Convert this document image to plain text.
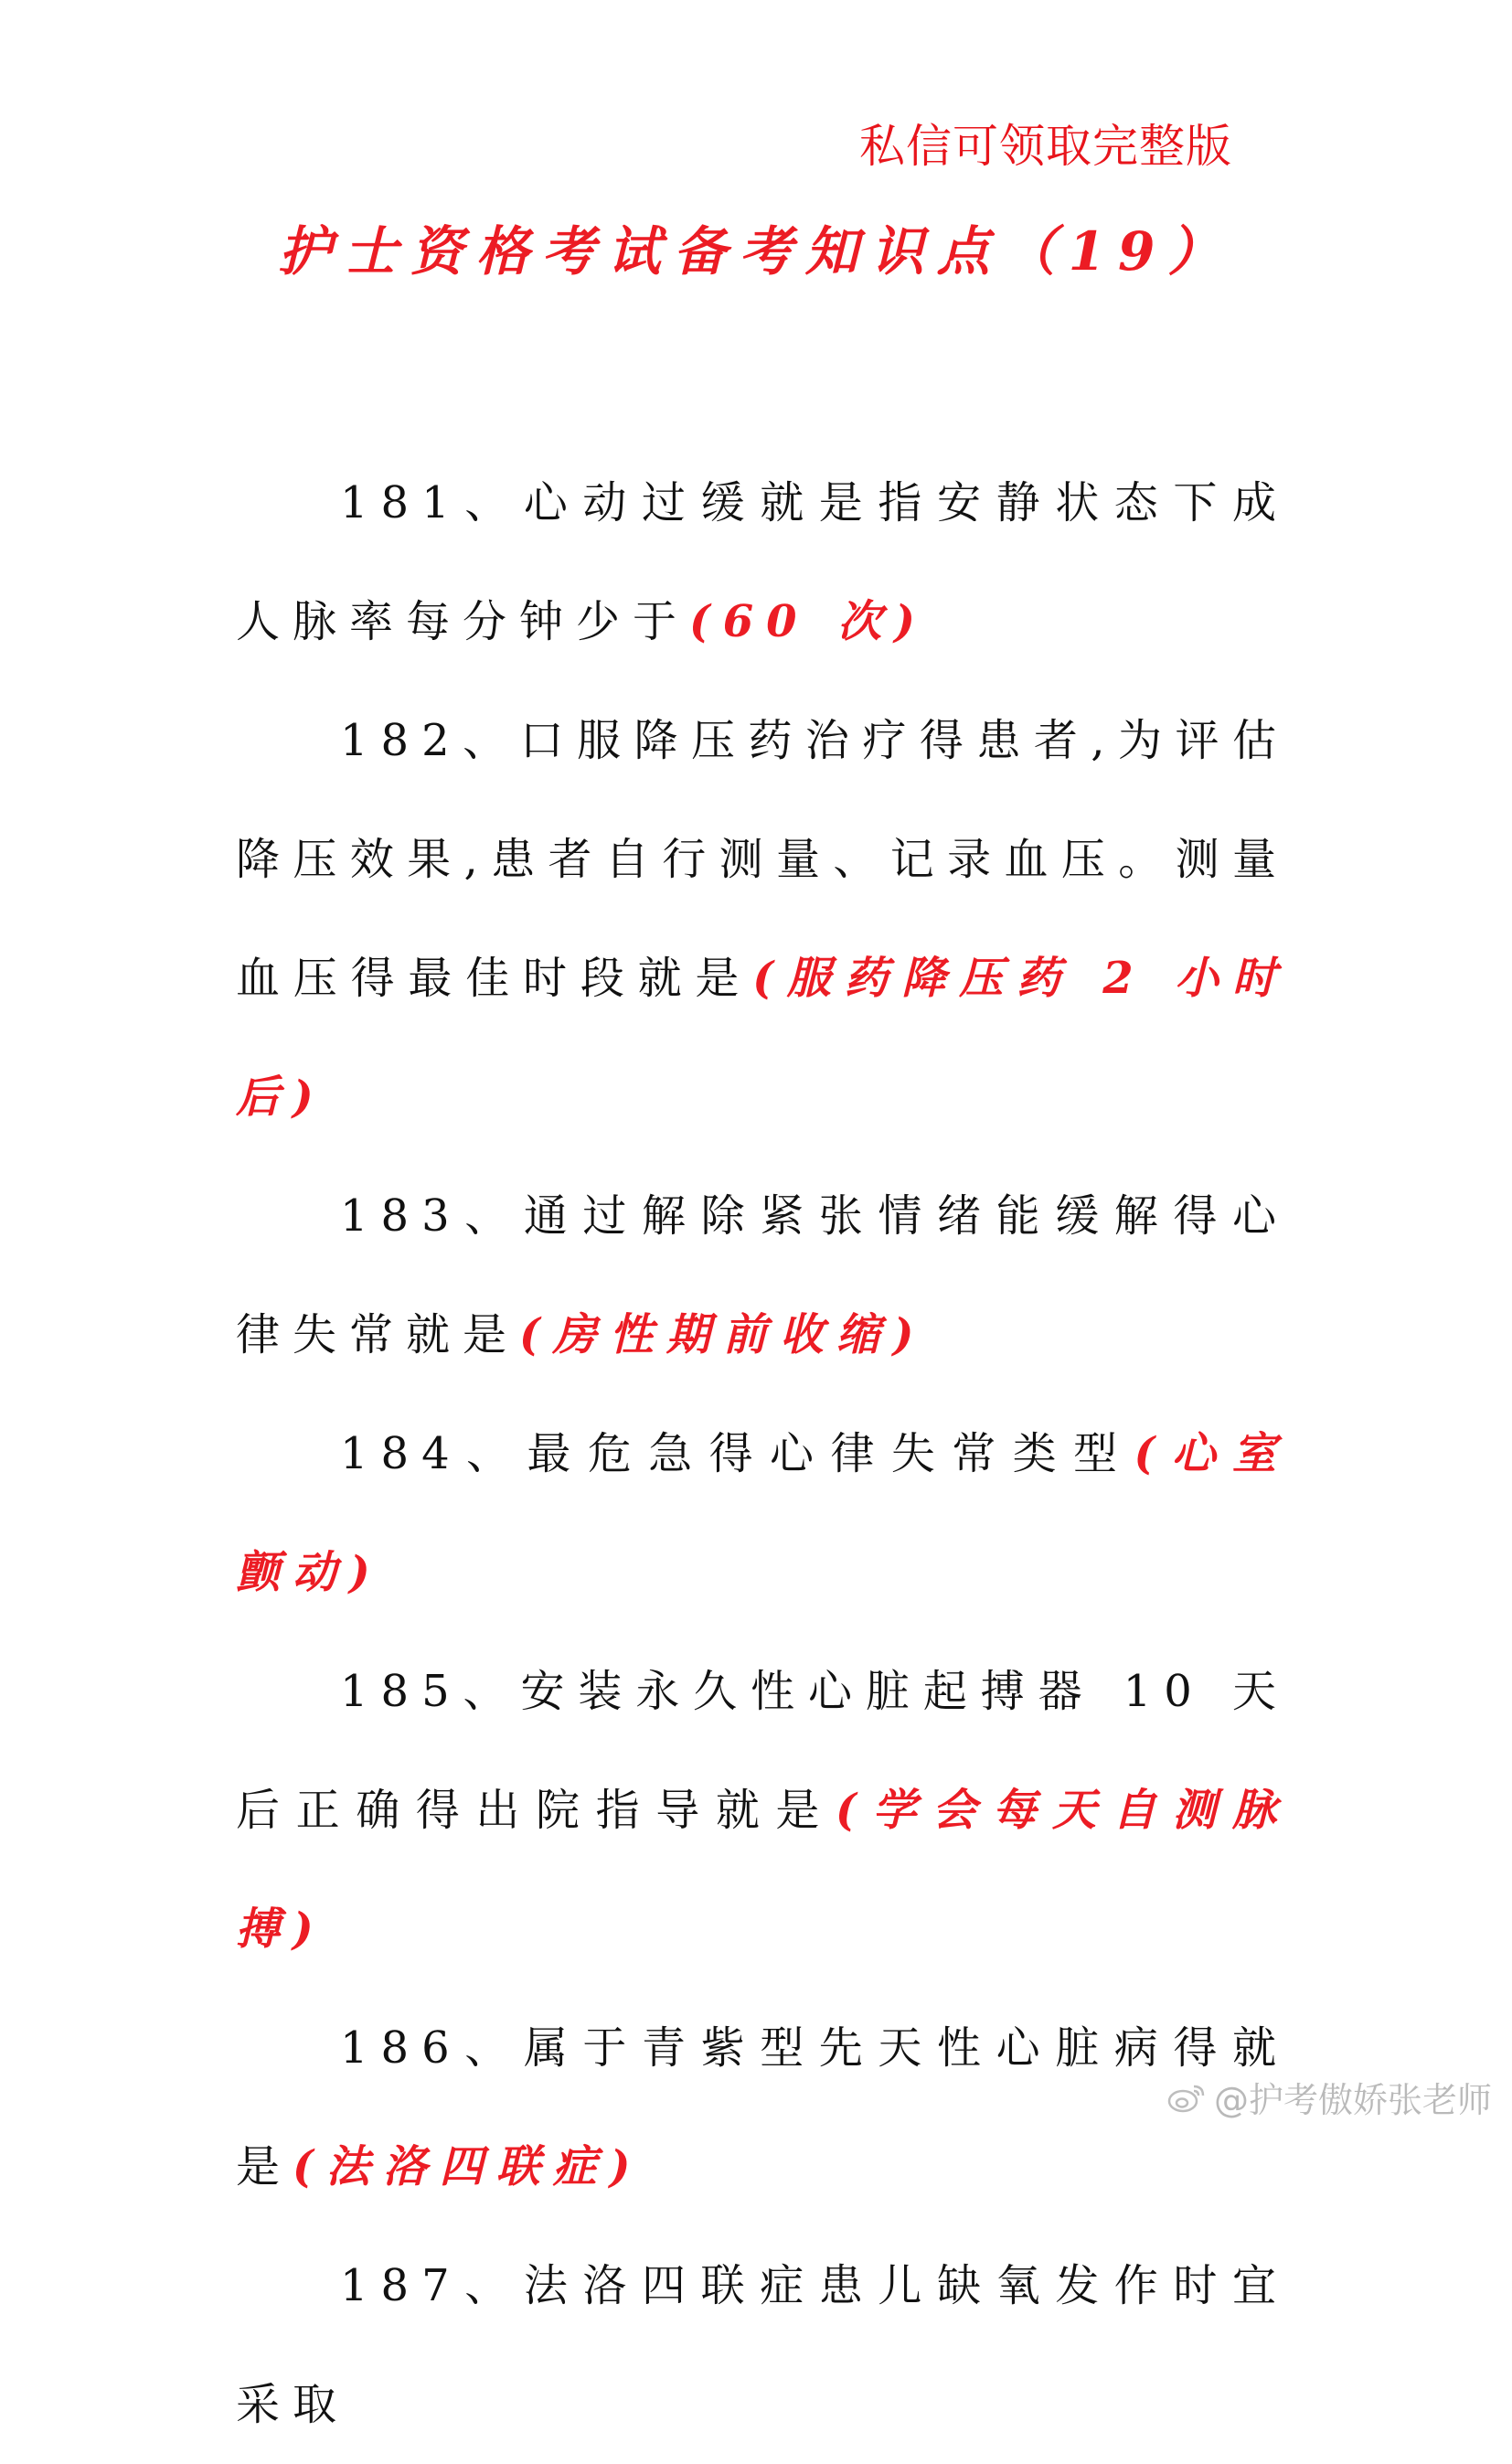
私信可领取完整版
护士资格考试备考知识点（19）

181、心动过缓就是指安静状态下成人脉率每分钟少于(60 次)

182、口服降压药治疗得患者,为评估降压效果,患者自行测量、记录血压。测量血压得最佳时段就是(服药降压药 2 小时后)

183、通过解除紧张情绪能缓解得心律失常就是(房性期前收缩)

184、最危急得心律失常类型(心室颤动)

185、安装永久性心脏起搏器 10 天后正确得出院指导就是(学会每天自测脉搏)

186、属于青紫型先天性心脏病得就是(法洛四联症)

187、法洛四联症患儿缺氧发作时宜采取

@护考傲娇张老师
